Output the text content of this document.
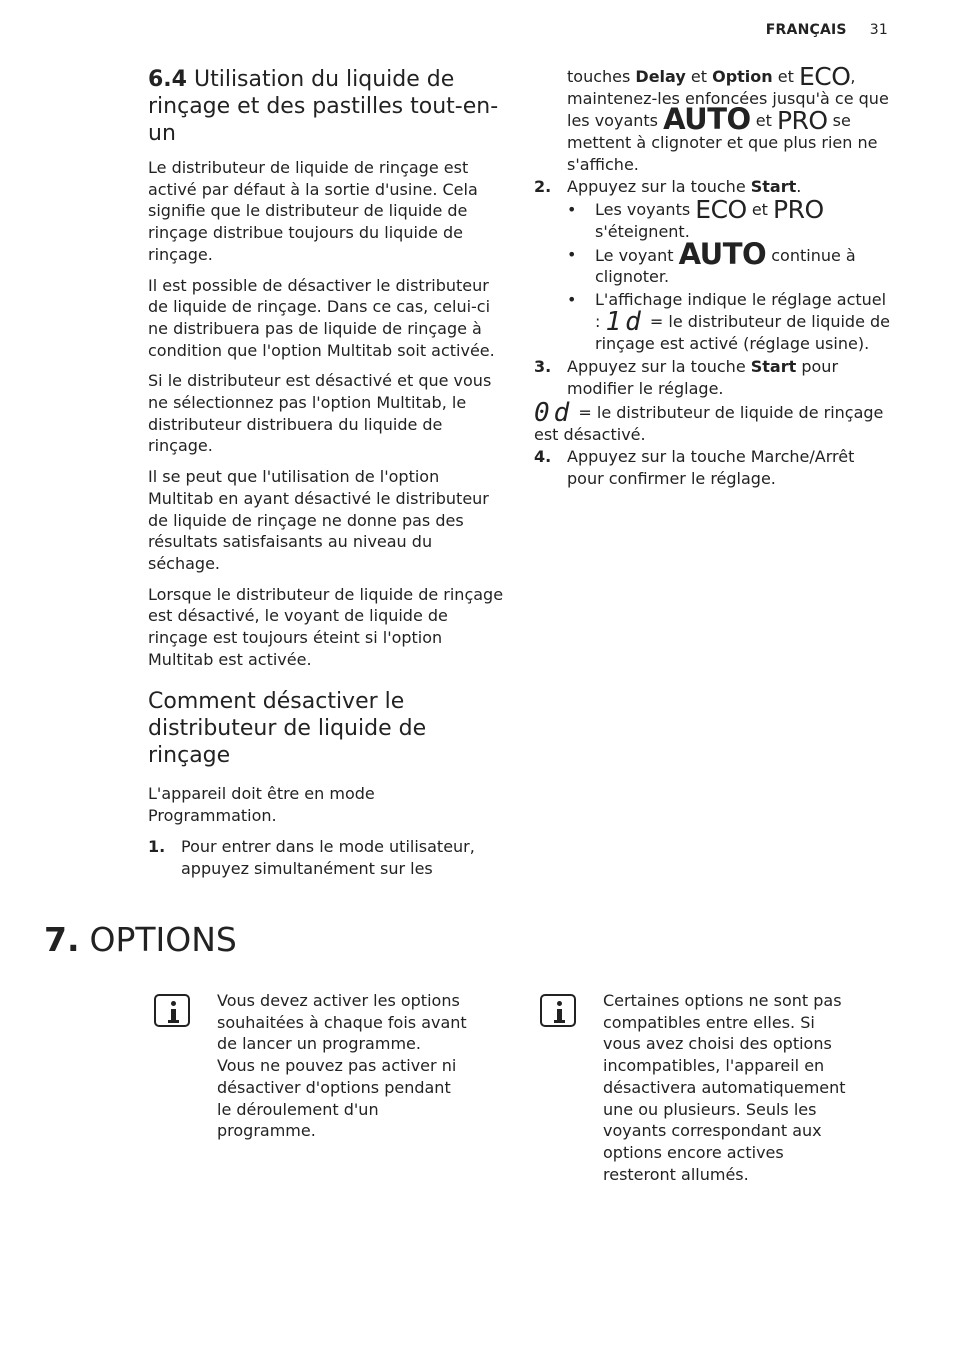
FRANÇAIS 31
6.4 Utilisation du liquide de rinçage et des pastilles tout-en-un

Le distributeur de liquide de rinçage est activé par défaut à la sortie d'usine. Cela signifie que le distributeur de liquide de rinçage distribue toujours du liquide de rinçage.

Il est possible de désactiver le distributeur de liquide de rinçage. Dans ce cas, celui-ci ne distribuera pas de liquide de rinçage à condition que l'option Multitab soit activée.

Si le distributeur est désactivé et que vous ne sélectionnez pas l'option Multitab, le distributeur distribuera du liquide de rinçage.

Il se peut que l'utilisation de l'option Multitab en ayant désactivé le distributeur de liquide de rinçage ne donne pas des résultats satisfaisants au niveau du séchage.

Lorsque le distributeur de liquide de rinçage est désactivé, le voyant de liquide de rinçage est toujours éteint si l'option Multitab est activée.

Comment désactiver le distributeur de liquide de rinçage

L'appareil doit être en mode Programmation.

1. Pour entrer dans le mode utilisateur, appuyez simultanément sur les
touches Delay et Option et ECO, maintenez-les enfoncées jusqu'à ce que les voyants AUTO et PRO se mettent à clignoter et que plus rien ne s'affiche.
2. Appuyez sur la touche Start.
• Les voyants ECO et PRO s'éteignent.
• Le voyant AUTO continue à clignoter.
• L'affichage indique le réglage actuel : 1d = le distributeur de liquide de rinçage est activé (réglage usine).
3. Appuyez sur la touche Start pour modifier le réglage.
0d = le distributeur de liquide de rinçage est désactivé.
4. Appuyez sur la touche Marche/Arrêt pour confirmer le réglage.
7. OPTIONS
Vous devez activer les options souhaitées à chaque fois avant de lancer un programme.
Vous ne pouvez pas activer ni désactiver d'options pendant le déroulement d'un programme.
Certaines options ne sont pas compatibles entre elles. Si vous avez choisi des options incompatibles, l'appareil en désactivera automatiquement une ou plusieurs. Seuls les voyants correspondant aux options encore actives resteront allumés.
